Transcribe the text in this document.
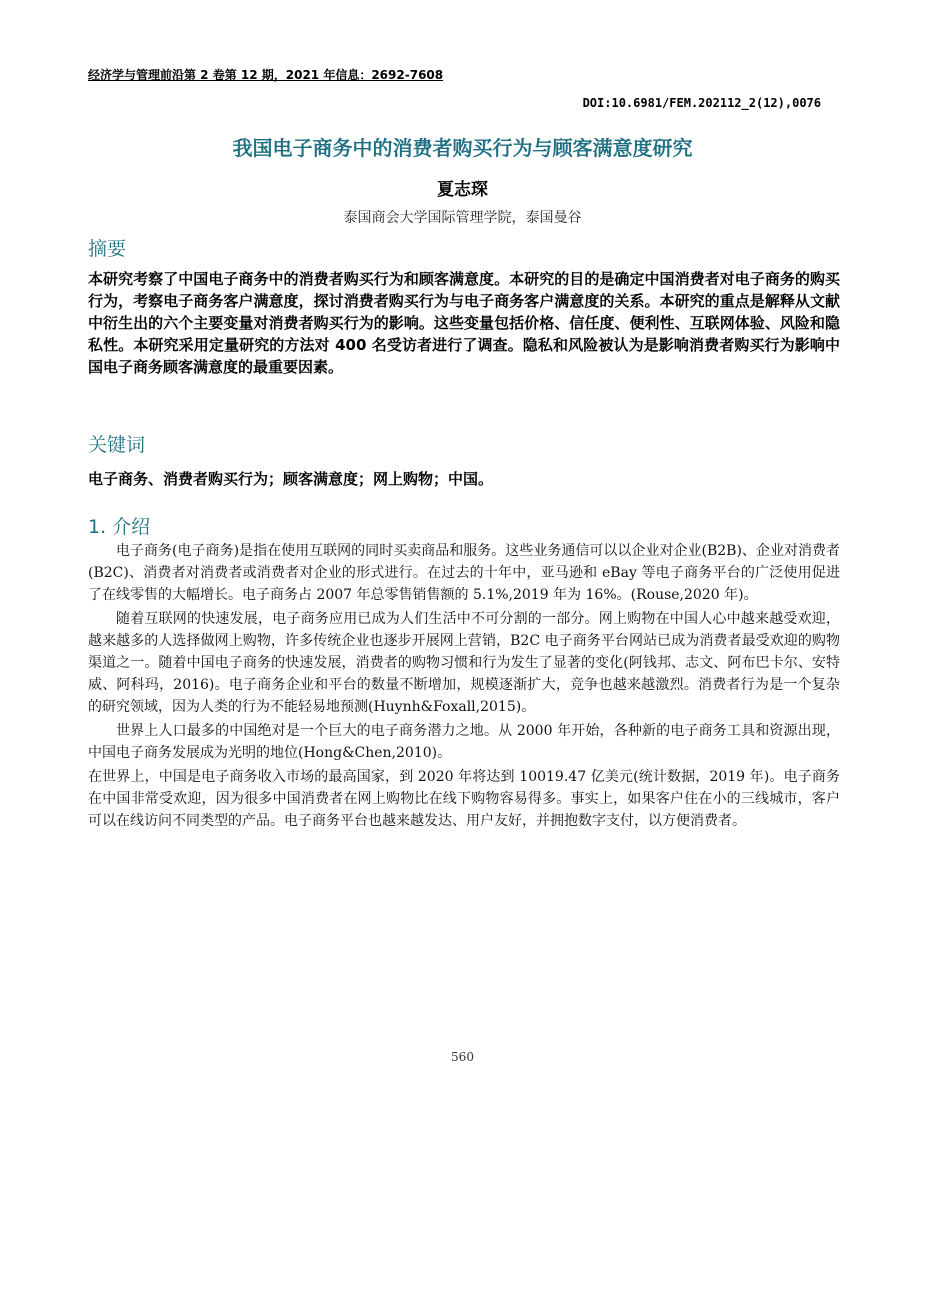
经济学与管理前沿第 2 卷第 12 期，2021 年信息：2692-7608
DOI:10.6981/FEM.202112_2(12),0076
我国电子商务中的消费者购买行为与顾客满意度研究
夏志琛
泰国商会大学国际管理学院，泰国曼谷
摘要
本研究考察了中国电子商务中的消费者购买行为和顾客满意度。本研究的目的是确定中国消费者对电子商务的购买行为，考察电子商务客户满意度，探讨消费者购买行为与电子商务客户满意度的关系。本研究的重点是解释从文献中衍生出的六个主要变量对消费者购买行为的影响。这些变量包括价格、信任度、便利性、互联网体验、风险和隐私性。本研究采用定量研究的方法对 400 名受访者进行了调查。隐私和风险被认为是影响消费者购买行为影响中国电子商务顾客满意度的最重要因素。
关键词
电子商务、消费者购买行为；顾客满意度；网上购物；中国。
1. 介绍

电子商务(电子商务)是指在使用互联网的同时买卖商品和服务。这些业务通信可以以企业对企业(B2B)、企业对消费者(B2C)、消费者对消费者或消费者对企业的形式进行。在过去的十年中，亚马逊和 eBay 等电子商务平台的广泛使用促进了在线零售的大幅增长。电子商务占 2007 年总零售销售额的 5.1%,2019 年为 16%。(Rouse,2020 年)。

随着互联网的快速发展，电子商务应用已成为人们生活中不可分割的一部分。网上购物在中国人心中越来越受欢迎，越来越多的人选择做网上购物，许多传统企业也逐步开展网上营销，B2C 电子商务平台网站已成为消费者最受欢迎的购物渠道之一。随着中国电子商务的快速发展，消费者的购物习惯和行为发生了显著的变化(阿钱邦、志文、阿布巴卡尔、安特威、阿科玛，2016)。电子商务企业和平台的数量不断增加，规模逐渐扩大，竞争也越来越激烈。消费者行为是一个复杂的研究领域，因为人类的行为不能轻易地预测(Huynh&Foxall,2015)。

世界上人口最多的中国绝对是一个巨大的电子商务潜力之地。从 2000 年开始，各种新的电子商务工具和资源出现，中国电子商务发展成为光明的地位(Hong&Chen,2010)。

在世界上，中国是电子商务收入市场的最高国家，到 2020 年将达到 10019.47 亿美元(统计数据，2019 年)。电子商务在中国非常受欢迎，因为很多中国消费者在网上购物比在线下购物容易得多。事实上，如果客户住在小的三线城市，客户可以在线访问不同类型的产品。电子商务平台也越来越发达、用户友好，并拥抱数字支付，以方便消费者。

560
